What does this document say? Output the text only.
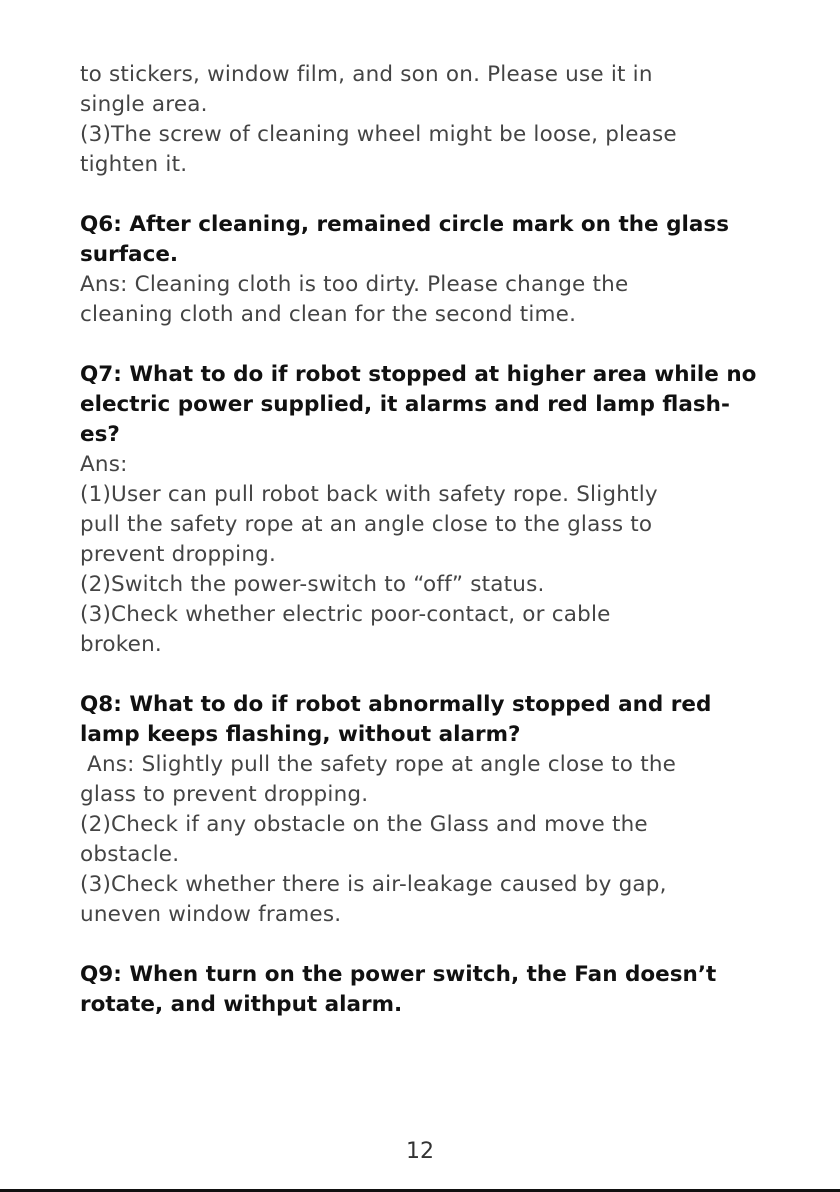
to stickers, window film, and son on. Please use it in
single area.
(3)The screw of cleaning wheel might be loose, please
tighten it.
Q6: After cleaning, remained circle mark on the glass
surface.
Ans: Cleaning cloth is too dirty. Please change the
cleaning cloth and clean for the second time.
Q7: What to do if robot stopped at higher area while no
electric power supplied, it alarms and red lamp flash-
es?
Ans:
(1)User can pull robot back with safety rope. Slightly
pull the safety rope at an angle close to the glass to
prevent dropping.
(2)Switch the power-switch to “off” status.
(3)Check whether electric poor-contact, or cable
broken.
Q8: What to do if robot abnormally stopped and red
lamp keeps flashing, without alarm?
Ans: Slightly pull the safety rope at angle close to the
glass to prevent dropping.
(2)Check if any obstacle on the Glass and move the
obstacle.
(3)Check whether there is air-leakage caused by gap,
uneven window frames.
Q9: When turn on the power switch, the Fan doesn’t
rotate, and withput alarm.
12
